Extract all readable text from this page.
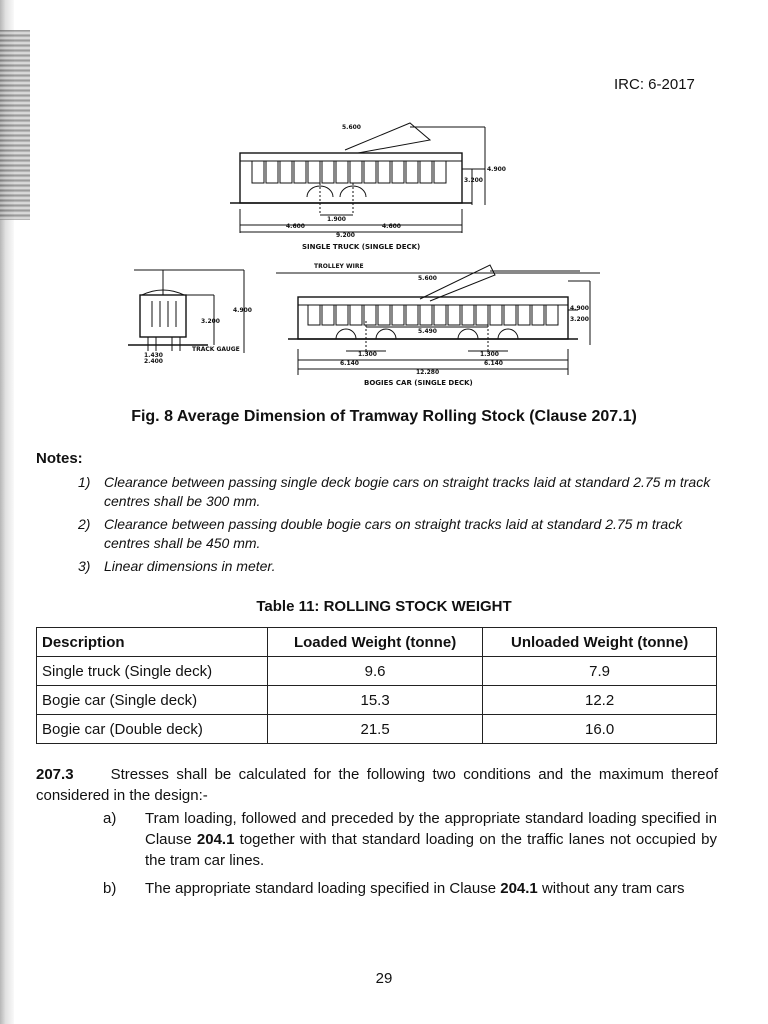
IRC: 6-2017
5.600
4.900
3.200
1.900
4.600	4.600
9.200
SINGLE TRUCK (SINGLE DECK)
4.900
3.200
1.430
2.400
TRACK GAUGE
TROLLEY WIRE
5.600
4.900
3.200
5.490
1.300	1.300
6.140	6.140
12.280
BOGIES CAR (SINGLE DECK)
Fig. 8 Average Dimension of Tramway Rolling Stock (Clause 207.1)
Notes:
1) Clearance between passing single deck bogie cars on straight tracks laid at standard 2.75 m track centres shall be 300 mm.
2) Clearance between passing double bogie cars on straight tracks laid at standard 2.75 m track centres shall be 450 mm.
3) Linear dimensions in meter.
Table 11: ROLLING STOCK WEIGHT
Description	Loaded Weight (tonne)	Unloaded Weight (tonne)
Single truck (Single deck)	9.6	7.9
Bogie car (Single deck)	15.3	12.2
Bogie car (Double deck)	21.5	16.0
207.3 Stresses shall be calculated for the following two conditions and the maximum thereof considered in the design:-
a) Tram loading, followed and preceded by the appropriate standard loading specified in Clause 204.1 together with that standard loading on the traffic lanes not occupied by the tram car lines.
b) The appropriate standard loading specified in Clause 204.1 without any tram cars
29
